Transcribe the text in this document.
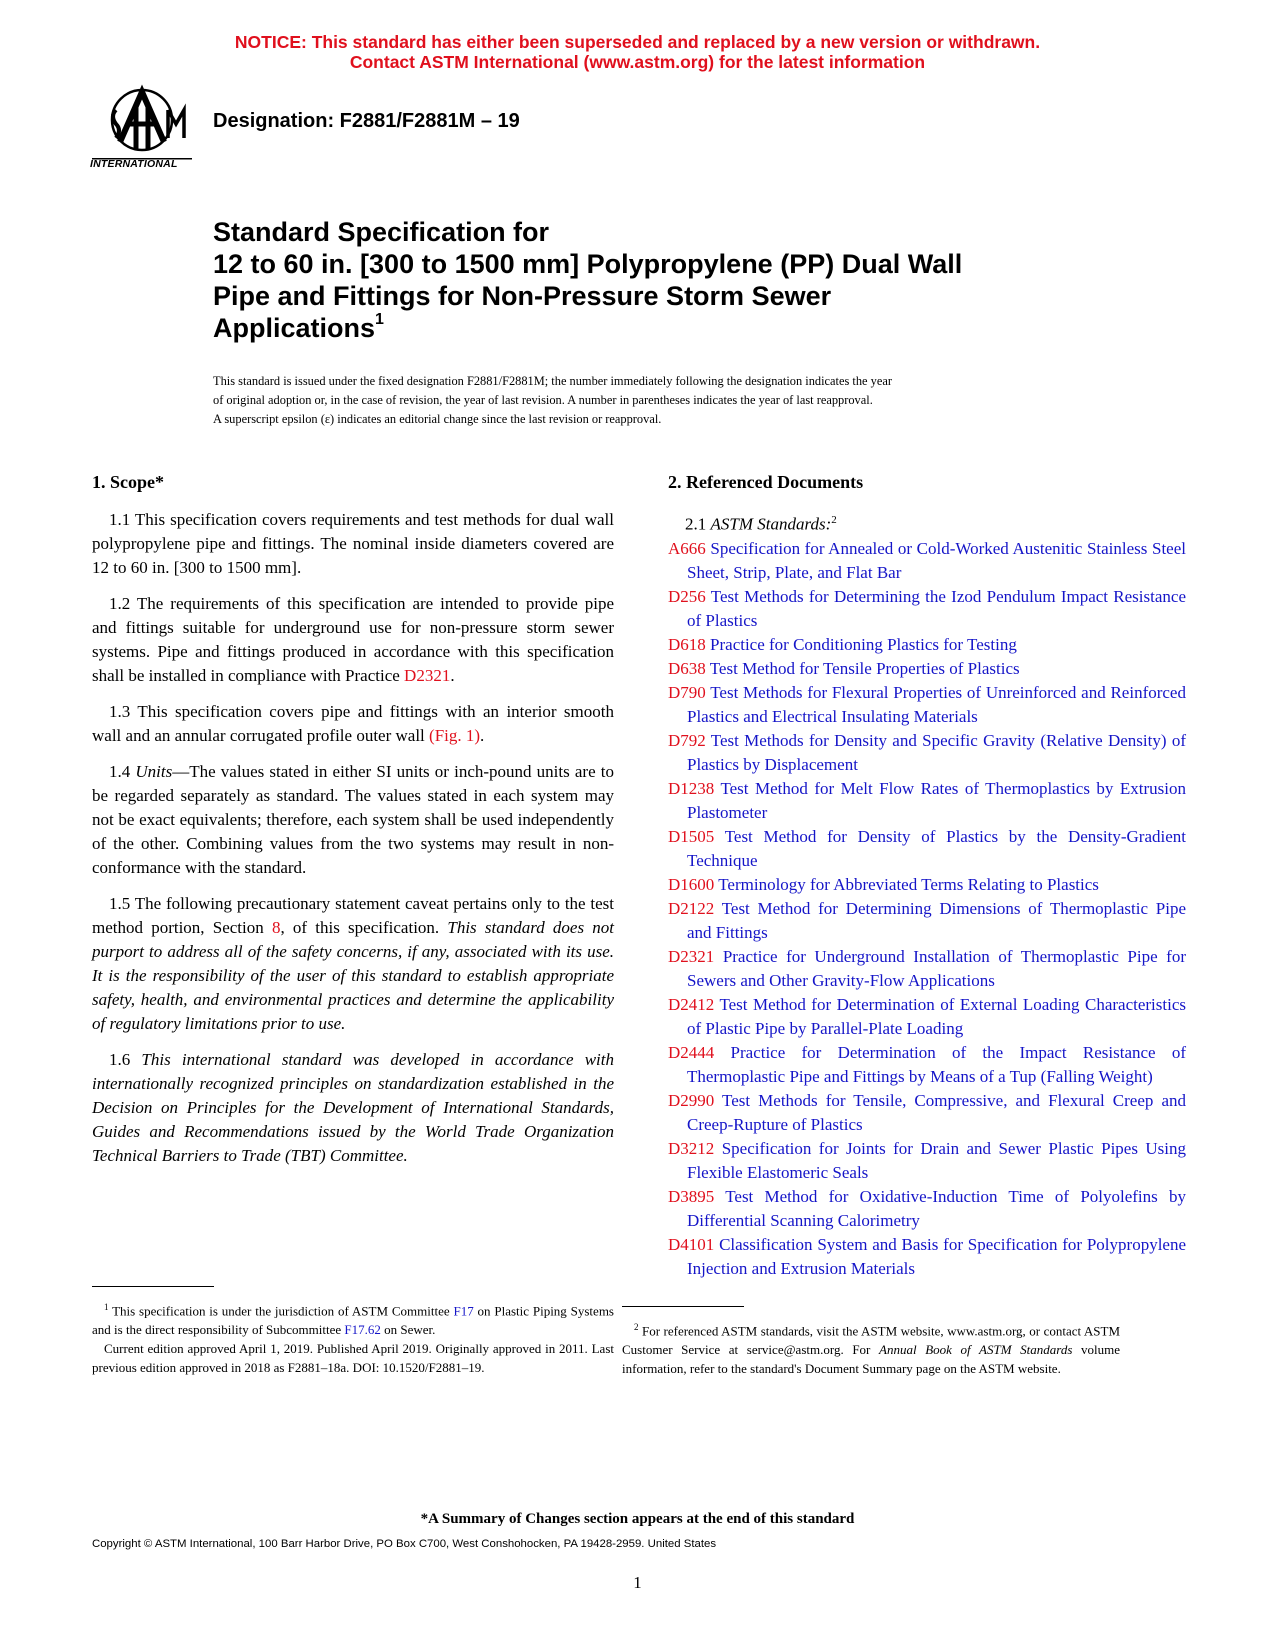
NOTICE: This standard has either been superseded and replaced by a new version or withdrawn.
Contact ASTM International (www.astm.org) for the latest information
INTERNATIONAL
Designation: F2881/F2881M – 19
Standard Specification for
12 to 60 in. [300 to 1500 mm] Polypropylene (PP) Dual Wall
Pipe and Fittings for Non-Pressure Storm Sewer
Applications$^1$
This standard is issued under the fixed designation F2881/F2881M; the number immediately following the designation indicates the year
of original adoption or, in the case of revision, the year of last revision. A number in parentheses indicates the year of last reapproval.
A superscript epsilon (ε) indicates an editorial change since the last revision or reapproval.
1. Scope*

1.1 This specification covers requirements and test methods for dual wall polypropylene pipe and fittings. The nominal inside diameters covered are 12 to 60 in. [300 to 1500 mm].

1.2 The requirements of this specification are intended to provide pipe and fittings suitable for underground use for non-pressure storm sewer systems. Pipe and fittings produced in accordance with this specification shall be installed in compliance with Practice D2321.

1.3 This specification covers pipe and fittings with an interior smooth wall and an annular corrugated profile outer wall (Fig. 1).

1.4 Units—The values stated in either SI units or inch-pound units are to be regarded separately as standard. The values stated in each system may not be exact equivalents; therefore, each system shall be used independently of the other. Combining values from the two systems may result in non-conformance with the standard.

1.5 The following precautionary statement caveat pertains only to the test method portion, Section 8, of this specification. This standard does not purport to address all of the safety concerns, if any, associated with its use. It is the responsibility of the user of this standard to establish appropriate safety, health, and environmental practices and determine the applicability of regulatory limitations prior to use.

1.6 This international standard was developed in accordance with internationally recognized principles on standardization established in the Decision on Principles for the Development of International Standards, Guides and Recommendations issued by the World Trade Organization Technical Barriers to Trade (TBT) Committee.

2. Referenced Documents
2.1 ASTM Standards:$^2$

A666 Specification for Annealed or Cold-Worked Austenitic Stainless Steel Sheet, Strip, Plate, and Flat Bar

D256 Test Methods for Determining the Izod Pendulum Impact Resistance of Plastics

D618 Practice for Conditioning Plastics for Testing

D638 Test Method for Tensile Properties of Plastics

D790 Test Methods for Flexural Properties of Unreinforced and Reinforced Plastics and Electrical Insulating Materials

D792 Test Methods for Density and Specific Gravity (Relative Density) of Plastics by Displacement

D1238 Test Method for Melt Flow Rates of Thermoplastics by Extrusion Plastometer

D1505 Test Method for Density of Plastics by the Density-Gradient Technique

D1600 Terminology for Abbreviated Terms Relating to Plastics

D2122 Test Method for Determining Dimensions of Thermoplastic Pipe and Fittings

D2321 Practice for Underground Installation of Thermoplastic Pipe for Sewers and Other Gravity-Flow Applications

D2412 Test Method for Determination of External Loading Characteristics of Plastic Pipe by Parallel-Plate Loading

D2444 Practice for Determination of the Impact Resistance of Thermoplastic Pipe and Fittings by Means of a Tup (Falling Weight)

D2990 Test Methods for Tensile, Compressive, and Flexural Creep and Creep-Rupture of Plastics

D3212 Specification for Joints for Drain and Sewer Plastic Pipes Using Flexible Elastomeric Seals

D3895 Test Method for Oxidative-Induction Time of Polyolefins by Differential Scanning Calorimetry

D4101 Classification System and Basis for Specification for Polypropylene Injection and Extrusion Materials

$^1$ This specification is under the jurisdiction of ASTM Committee F17 on Plastic Piping Systems and is the direct responsibility of Subcommittee F17.62 on Sewer.

Current edition approved April 1, 2019. Published April 2019. Originally approved in 2011. Last previous edition approved in 2018 as F2881–18a. DOI: 10.1520/F2881–19.

$^2$ For referenced ASTM standards, visit the ASTM website, www.astm.org, or contact ASTM Customer Service at service@astm.org. For Annual Book of ASTM Standards volume information, refer to the standard's Document Summary page on the ASTM website.

*A Summary of Changes section appears at the end of this standard
Copyright © ASTM International, 100 Barr Harbor Drive, PO Box C700, West Conshohocken, PA 19428-2959. United States
1
